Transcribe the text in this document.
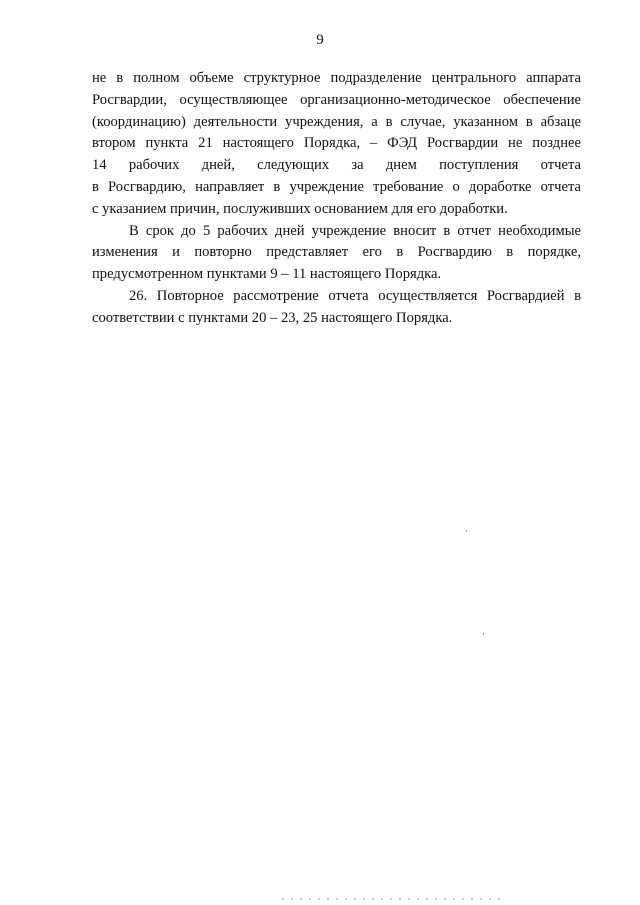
9
не в полном объеме структурное подразделение центрального аппарата
Росгвардии, осуществляющее организационно-методическое обеспечение
(координацию) деятельности учреждения, а в случае, указанном в абзаце
втором пункта 21 настоящего Порядка, – ФЭД Росгвардии не позднее
14 рабочих дней, следующих за днем поступления отчета
в Росгвардию, направляет в учреждение требование о доработке отчета
с указанием причин, послуживших основанием для его доработки.
В срок до 5 рабочих дней учреждение вносит в отчет необходимые
изменения и повторно представляет его в Росгвардию в порядке,
предусмотренном пунктами 9 – 11 настоящего Порядка.
26. Повторное рассмотрение отчета осуществляется Росгвардией в
соответствии с пунктами 20 – 23, 25 настоящего Порядка.
